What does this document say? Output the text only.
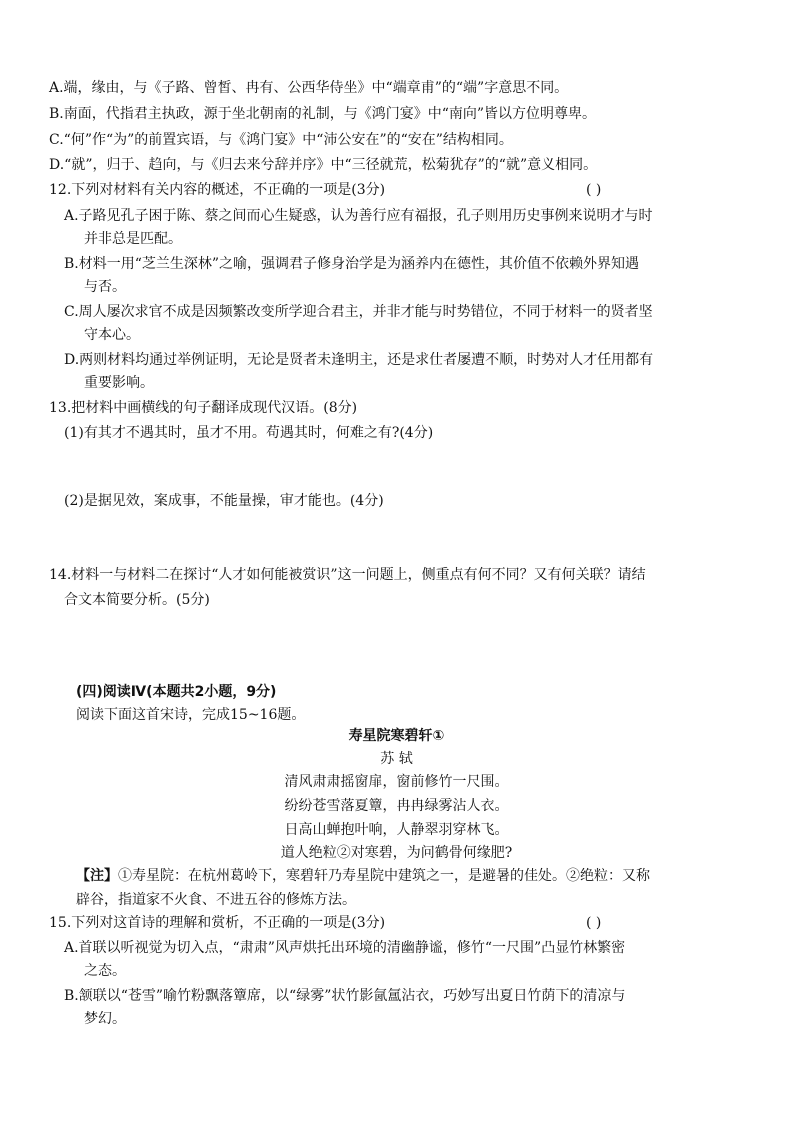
A.端，缘由，与《子路、曾皙、冉有、公西华侍坐》中“端章甫”的“端”字意思不同。
B.南面，代指君主执政，源于坐北朝南的礼制，与《鸿门宴》中“南向”皆以方位明尊卑。
C.“何”作“为”的前置宾语，与《鸿门宴》中“沛公安在”的“安在”结构相同。
D.“就”，归于、趋向，与《归去来兮辞并序》中“三径就荒，松菊犹存”的“就”意义相同。
12.下列对材料有关内容的概述，不正确的一项是(3分)	( )
A.子路见孔子困于陈、蔡之间而心生疑惑，认为善行应有福报，孔子则用历史事例来说明才与时
并非总是匹配。
B.材料一用“芝兰生深林”之喻，强调君子修身治学是为涵养内在德性，其价值不依赖外界知遇
与否。
C.周人屡次求官不成是因频繁改变所学迎合君主，并非才能与时势错位，不同于材料一的贤者坚
守本心。
D.两则材料均通过举例证明，无论是贤者未逢明主，还是求仕者屡遭不顺，时势对人才任用都有
重要影响。
13.把材料中画横线的句子翻译成现代汉语。(8分)
(1)有其才不遇其时，虽才不用。苟遇其时，何难之有?(4分)
(2)是据见效，案成事，不能量操，审才能也。(4分)
14.材料一与材料二在探讨“人才如何能被赏识”这一问题上，侧重点有何不同？又有何关联？请结
合文本简要分析。(5分)
(四)阅读Ⅳ(本题共2小题，9分)
阅读下面这首宋诗，完成15~16题。
寿星院寒碧轩①
苏 轼
清风肃肃摇窗扉，窗前修竹一尺围。
纷纷苍雪落夏簟，冉冉绿雾沾人衣。
日高山蝉抱叶响，人静翠羽穿林飞。
道人绝粒②对寒碧，为问鹤骨何缘肥?
【注】①寿星院：在杭州葛岭下，寒碧轩乃寿星院中建筑之一，是避暑的佳处。②绝粒：又称
辟谷，指道家不火食、不进五谷的修炼方法。
15.下列对这首诗的理解和赏析，不正确的一项是(3分)	( )
A.首联以听视觉为切入点，“肃肃”风声烘托出环境的清幽静谧，修竹“一尺围”凸显竹林繁密
之态。
B.颔联以“苍雪”喻竹粉飘落簟席，以“绿雾”状竹影氤氲沾衣，巧妙写出夏日竹荫下的清凉与
梦幻。
